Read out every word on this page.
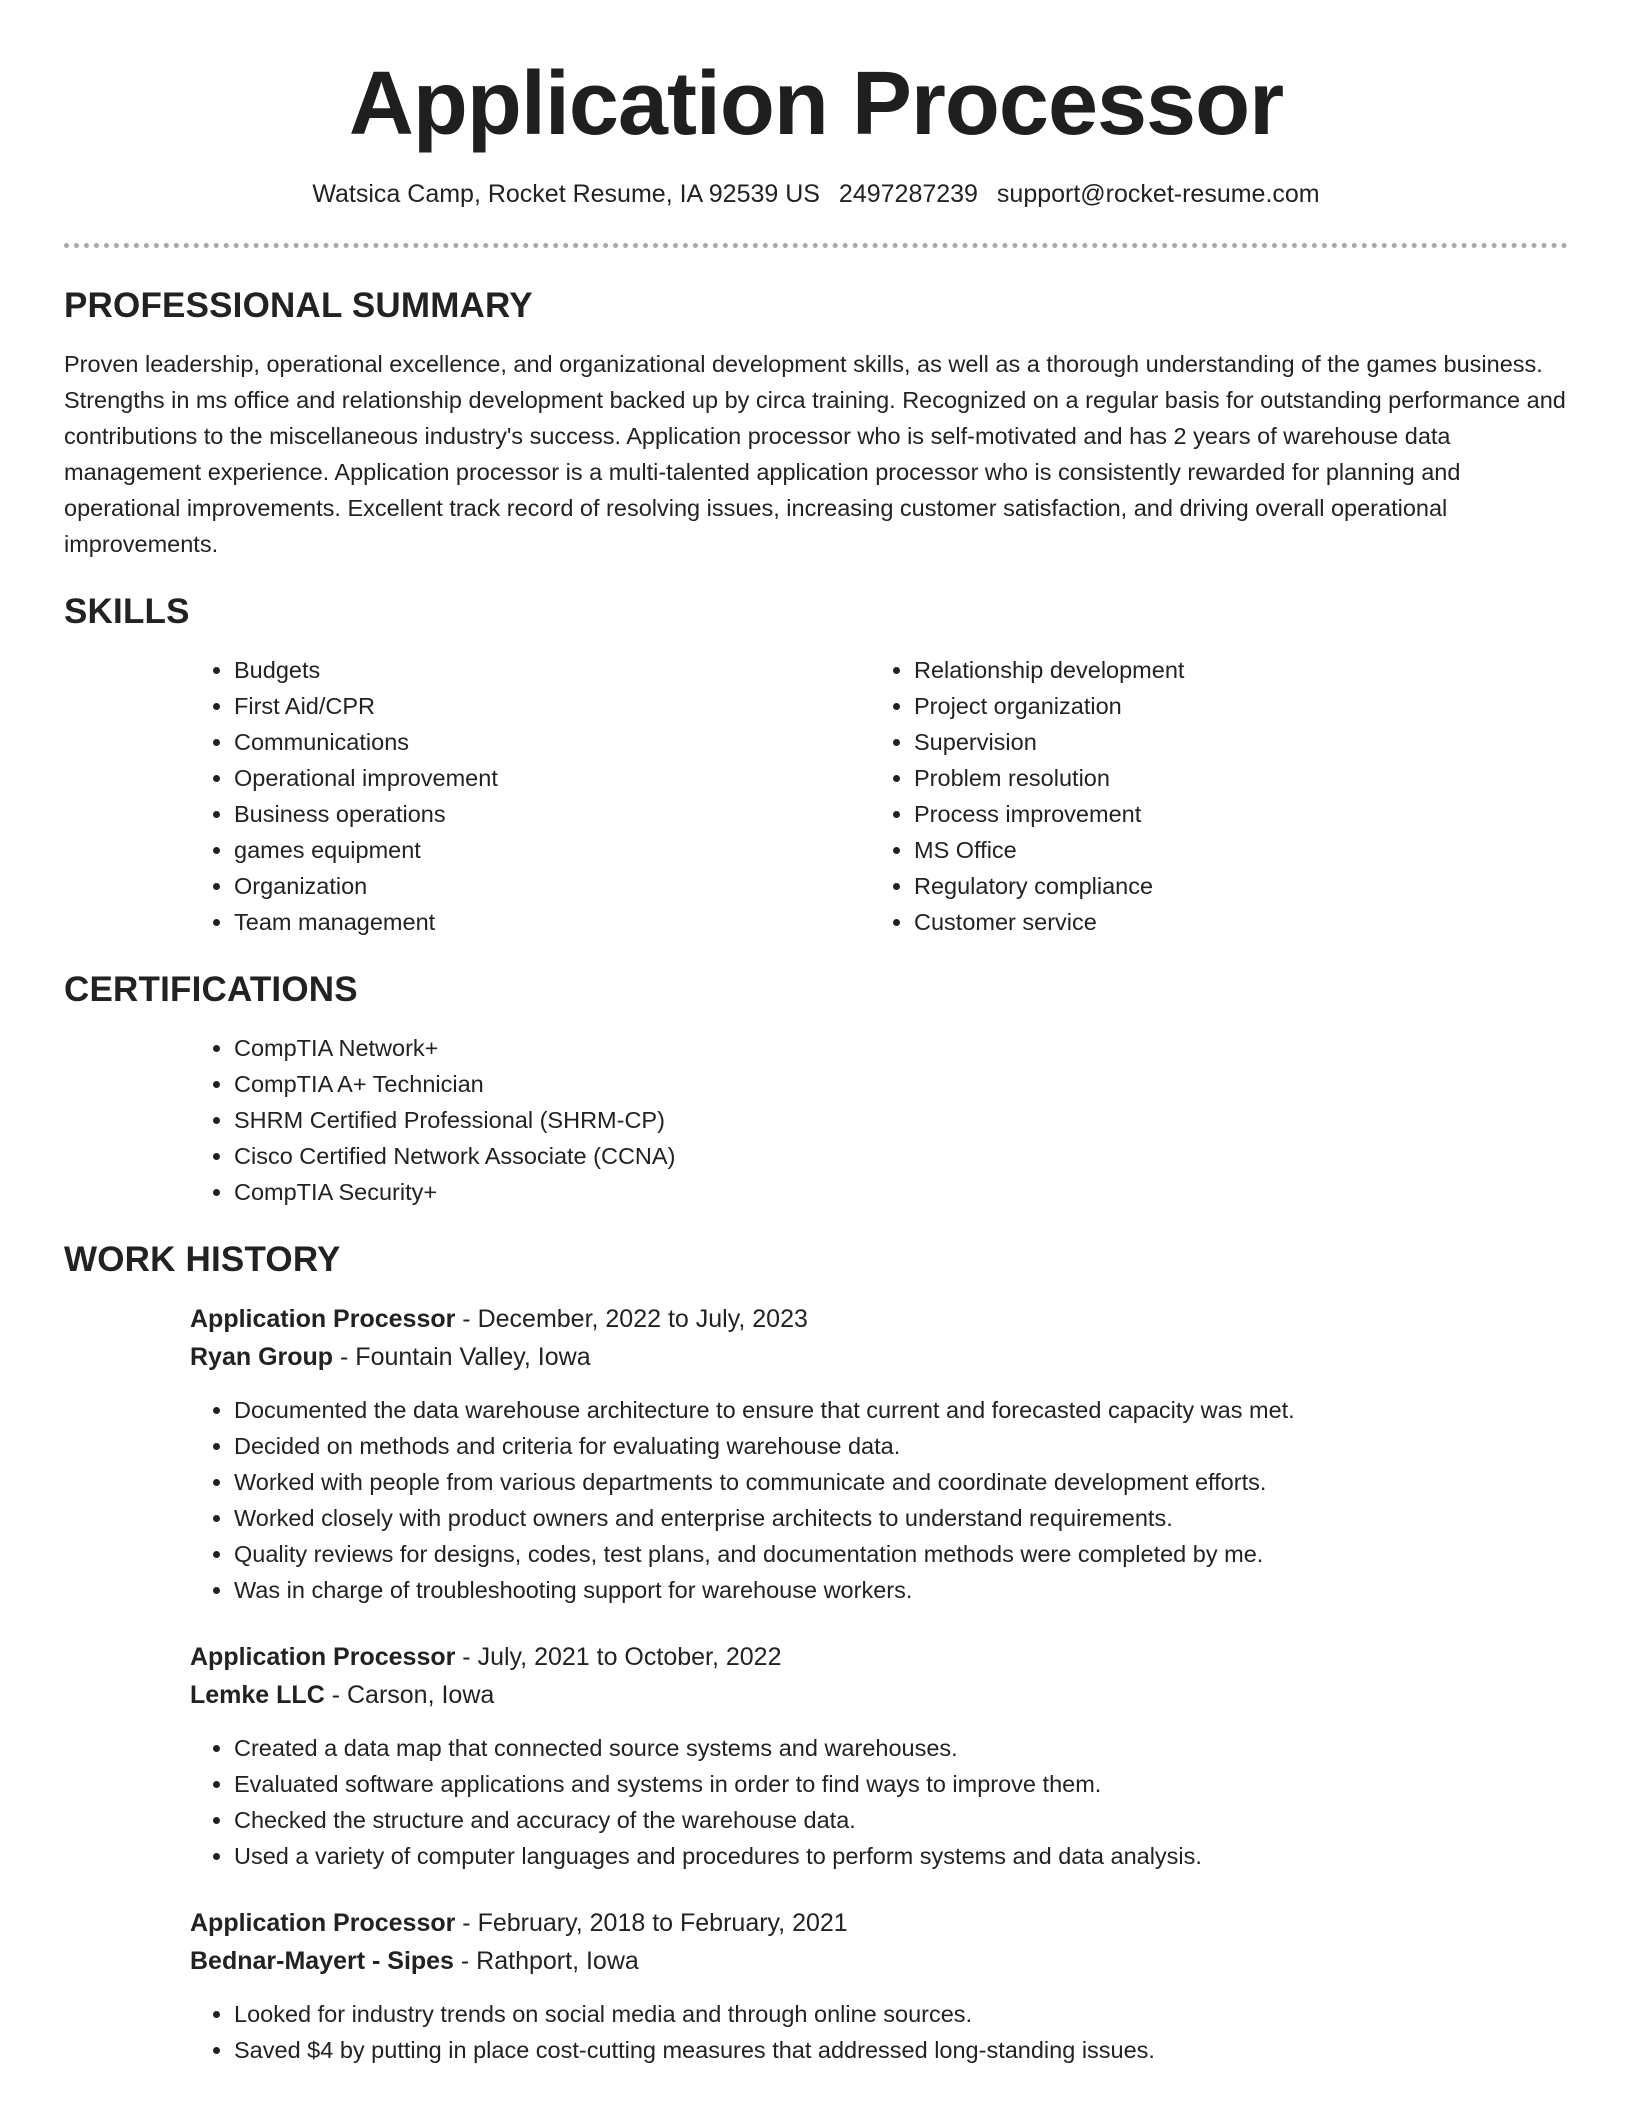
Application Processor
Watsica Camp, Rocket Resume, IA 92539 US 2497287239 support@rocket-resume.com
PROFESSIONAL SUMMARY

Proven leadership, operational excellence, and organizational development skills, as well as a thorough understanding of the games business. Strengths in ms office and relationship development backed up by circa training. Recognized on a regular basis for outstanding performance and contributions to the miscellaneous industry's success. Application processor who is self-motivated and has 2 years of warehouse data management experience. Application processor is a multi-talented application processor who is consistently rewarded for planning and operational improvements. Excellent track record of resolving issues, increasing customer satisfaction, and driving overall operational improvements.

SKILLS
• Budgets
• First Aid/CPR
• Communications
• Operational improvement
• Business operations
• games equipment
• Organization
• Team management
• Relationship development
• Project organization
• Supervision
• Problem resolution
• Process improvement
• MS Office
• Regulatory compliance
• Customer service
CERTIFICATIONS
• CompTIA Network+
• CompTIA A+ Technician
• SHRM Certified Professional (SHRM-CP)
• Cisco Certified Network Associate (CCNA)
• CompTIA Security+
WORK HISTORY
Application Processor - December, 2022 to July, 2023
Ryan Group - Fountain Valley, Iowa
• Documented the data warehouse architecture to ensure that current and forecasted capacity was met.
• Decided on methods and criteria for evaluating warehouse data.
• Worked with people from various departments to communicate and coordinate development efforts.
• Worked closely with product owners and enterprise architects to understand requirements.
• Quality reviews for designs, codes, test plans, and documentation methods were completed by me.
• Was in charge of troubleshooting support for warehouse workers.
Application Processor - July, 2021 to October, 2022
Lemke LLC - Carson, Iowa
• Created a data map that connected source systems and warehouses.
• Evaluated software applications and systems in order to find ways to improve them.
• Checked the structure and accuracy of the warehouse data.
• Used a variety of computer languages and procedures to perform systems and data analysis.
Application Processor - February, 2018 to February, 2021
Bednar-Mayert - Sipes - Rathport, Iowa
• Looked for industry trends on social media and through online sources.
• Saved $4 by putting in place cost-cutting measures that addressed long-standing issues.
